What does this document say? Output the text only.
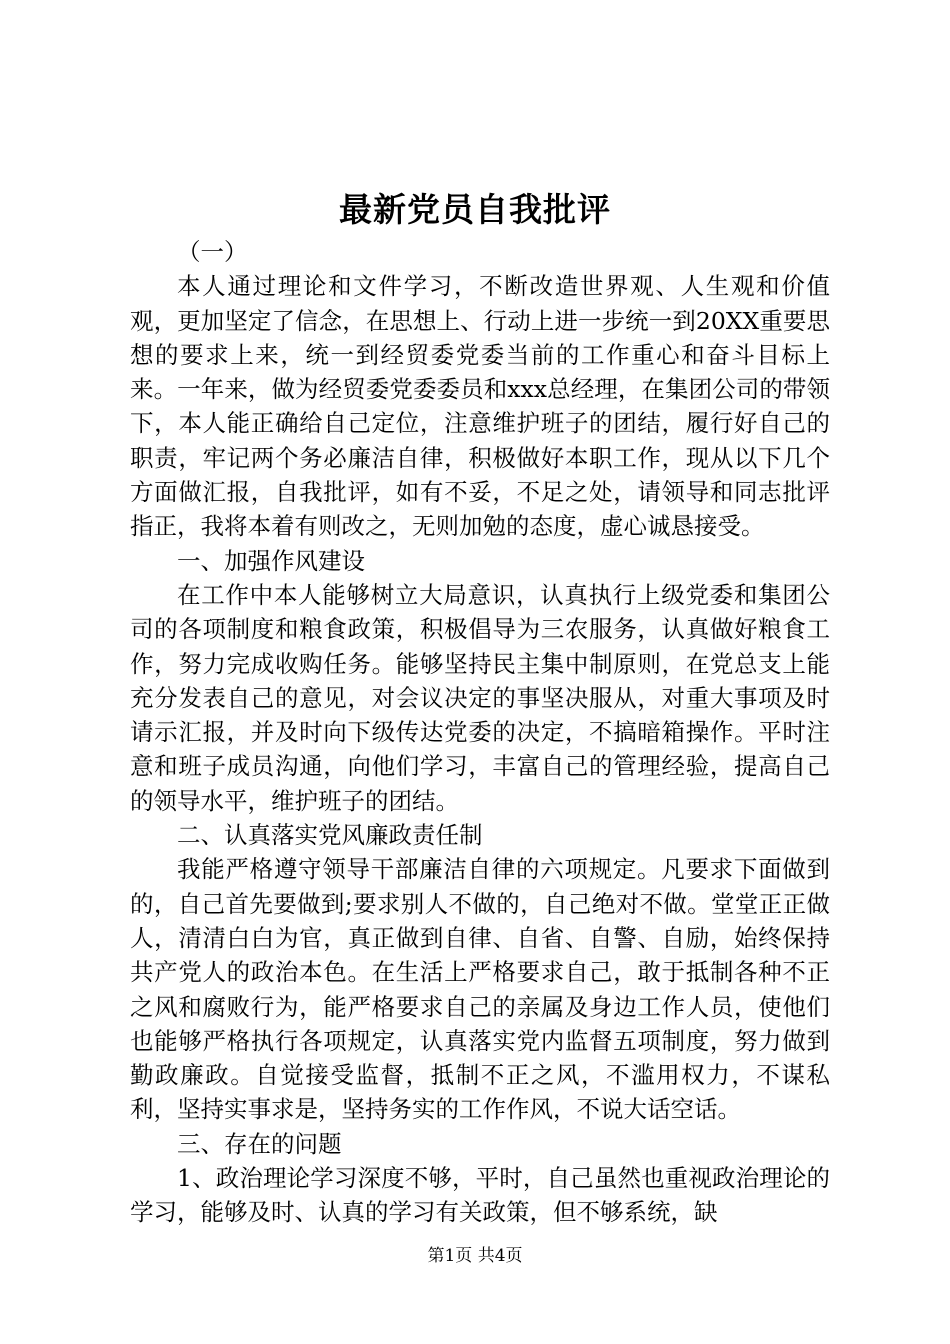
最新党员自我批评

（一）

本人通过理论和文件学习，不断改造世界观、人生观和价值观，更加坚定了信念，在思想上、行动上进一步统一到20XX重要思想的要求上来，统一到经贸委党委当前的工作重心和奋斗目标上来。一年来，做为经贸委党委委员和xxx总经理，在集团公司的带领下，本人能正确给自己定位，注意维护班子的团结，履行好自己的职责，牢记两个务必廉洁自律，积极做好本职工作，现从以下几个方面做汇报，自我批评，如有不妥，不足之处，请领导和同志批评指正，我将本着有则改之，无则加勉的态度，虚心诚恳接受。

一、加强作风建设

在工作中本人能够树立大局意识，认真执行上级党委和集团公司的各项制度和粮食政策，积极倡导为三农服务，认真做好粮食工作，努力完成收购任务。能够坚持民主集中制原则，在党总支上能充分发表自己的意见，对会议决定的事坚决服从，对重大事项及时请示汇报，并及时向下级传达党委的决定，不搞暗箱操作。平时注意和班子成员沟通，向他们学习，丰富自己的管理经验，提高自己的领导水平，维护班子的团结。

二、认真落实党风廉政责任制

我能严格遵守领导干部廉洁自律的六项规定。凡要求下面做到的，自己首先要做到;要求别人不做的，自己绝对不做。堂堂正正做人，清清白白为官，真正做到自律、自省、自警、自励，始终保持共产党人的政治本色。在生活上严格要求自己，敢于抵制各种不正之风和腐败行为，能严格要求自己的亲属及身边工作人员，使他们也能够严格执行各项规定，认真落实党内监督五项制度，努力做到勤政廉政。自觉接受监督，抵制不正之风，不滥用权力，不谋私利，坚持实事求是，坚持务实的工作作风，不说大话空话。

三、存在的问题

1、政治理论学习深度不够，平时，自己虽然也重视政治理论的学习，能够及时、认真的学习有关政策，但不够系统，缺

第1页 共4页
